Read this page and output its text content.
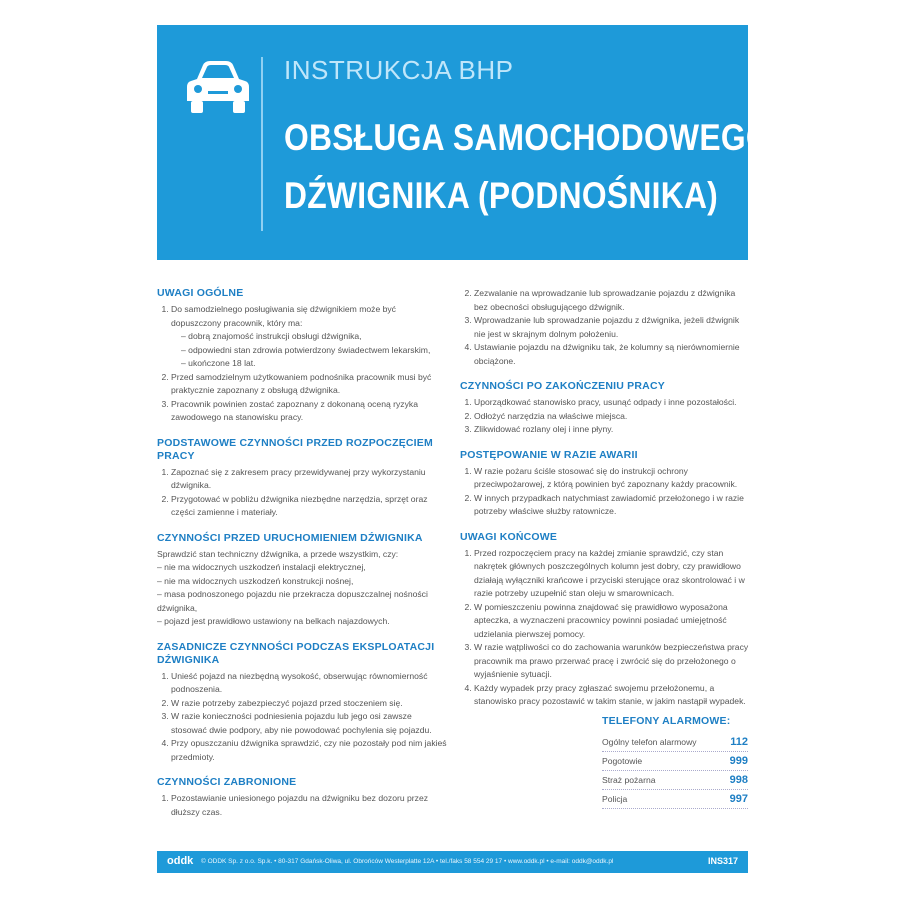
INSTRUKCJA BHP
OBSŁUGA SAMOCHODOWEGO
DŹWIGNIKA (PODNOŚNIKA)
UWAGI OGÓLNE
1. Do samodzielnego posługiwania się dźwignikiem może być dopuszczony pracownik, który ma:
– dobrą znajomość instrukcji obsługi dźwignika,
– odpowiedni stan zdrowia potwierdzony świadectwem lekarskim,
– ukończone 18 lat.
2. Przed samodzielnym użytkowaniem podnośnika pracownik musi być praktycznie zapoznany z obsługą dźwignika.
3. Pracownik powinien zostać zapoznany z dokonaną oceną ryzyka zawodowego na stanowisku pracy.
PODSTAWOWE CZYNNOŚCI PRZED ROZPOCZĘCIEM PRACY
1. Zapoznać się z zakresem pracy przewidywanej przy wykorzystaniu dźwignika.
2. Przygotować w pobliżu dźwignika niezbędne narzędzia, sprzęt oraz części zamienne i materiały.
CZYNNOŚCI PRZED URUCHOMIENIEM DŹWIGNIKA

Sprawdzić stan techniczny dźwignika, a przede wszystkim, czy:

– nie ma widocznych uszkodzeń instalacji elektrycznej,
– nie ma widocznych uszkodzeń konstrukcji nośnej,
– masa podnoszonego pojazdu nie przekracza dopuszczalnej nośności dźwignika,
– pojazd jest prawidłowo ustawiony na belkach najazdowych.
ZASADNICZE CZYNNOŚCI PODCZAS EKSPLOATACJI DŹWIGNIKA
1. Unieść pojazd na niezbędną wysokość, obserwując równomierność podnoszenia.
2. W razie potrzeby zabezpieczyć pojazd przed stoczeniem się.
3. W razie konieczności podniesienia pojazdu lub jego osi zawsze stosować dwie podpory, aby nie powodować pochylenia się pojazdu.
4. Przy opuszczaniu dźwignika sprawdzić, czy nie pozostały pod nim jakieś przedmioty.
CZYNNOŚCI ZABRONIONE
1. Pozostawianie uniesionego pojazdu na dźwigniku bez dozoru przez dłuższy czas.
2. Zezwalanie na wprowadzanie lub sprowadzanie pojazdu z dźwignika bez obecności obsługującego dźwignik.
3. Wprowadzanie lub sprowadzanie pojazdu z dźwignika, jeżeli dźwignik nie jest w skrajnym dolnym położeniu.
4. Ustawianie pojazdu na dźwigniku tak, że kolumny są nierównomiernie obciążone.
CZYNNOŚCI PO ZAKOŃCZENIU PRACY
1. Uporządkować stanowisko pracy, usunąć odpady i inne pozostałości.
2. Odłożyć narzędzia na właściwe miejsca.
3. Zlikwidować rozlany olej i inne płyny.
POSTĘPOWANIE W RAZIE AWARII
1. W razie pożaru ściśle stosować się do instrukcji ochrony przeciwpożarowej, z którą powinien być zapoznany każdy pracownik.
2. W innych przypadkach natychmiast zawiadomić przełożonego i w razie potrzeby właściwe służby ratownicze.
UWAGI KOŃCOWE
1. Przed rozpoczęciem pracy na każdej zmianie sprawdzić, czy stan nakrętek głównych poszczególnych kolumn jest dobry, czy prawidłowo działają wyłączniki krańcowe i przyciski sterujące oraz skontrolować i w razie potrzeby uzupełnić stan oleju w smarownicach.
2. W pomieszczeniu powinna znajdować się prawidłowo wyposażona apteczka, a wyznaczeni pracownicy powinni posiadać umiejętność udzielania pierwszej pomocy.
3. W razie wątpliwości co do zachowania warunków bezpieczeństwa pracy pracownik ma prawo przerwać pracę i zwrócić się do przełożonego o wyjaśnienie sytuacji.
4. Każdy wypadek przy pracy zgłaszać swojemu przełożonemu, a stanowisko pracy pozostawić w takim stanie, w jakim nastąpił wypadek.
TELEFONY ALARMOWE:
Ogólny telefon alarmowy	112
Pogotowie	999
Straż pożarna	998
Policja	997
oddk © ODDK Sp. z o.o. Sp.k. • 80-317 Gdańsk-Oliwa, ul. Obrońców Westerplatte 12A • tel./faks 58 554 29 17 • www.oddk.pl • e-mail: oddk@oddk.pl	INS317
